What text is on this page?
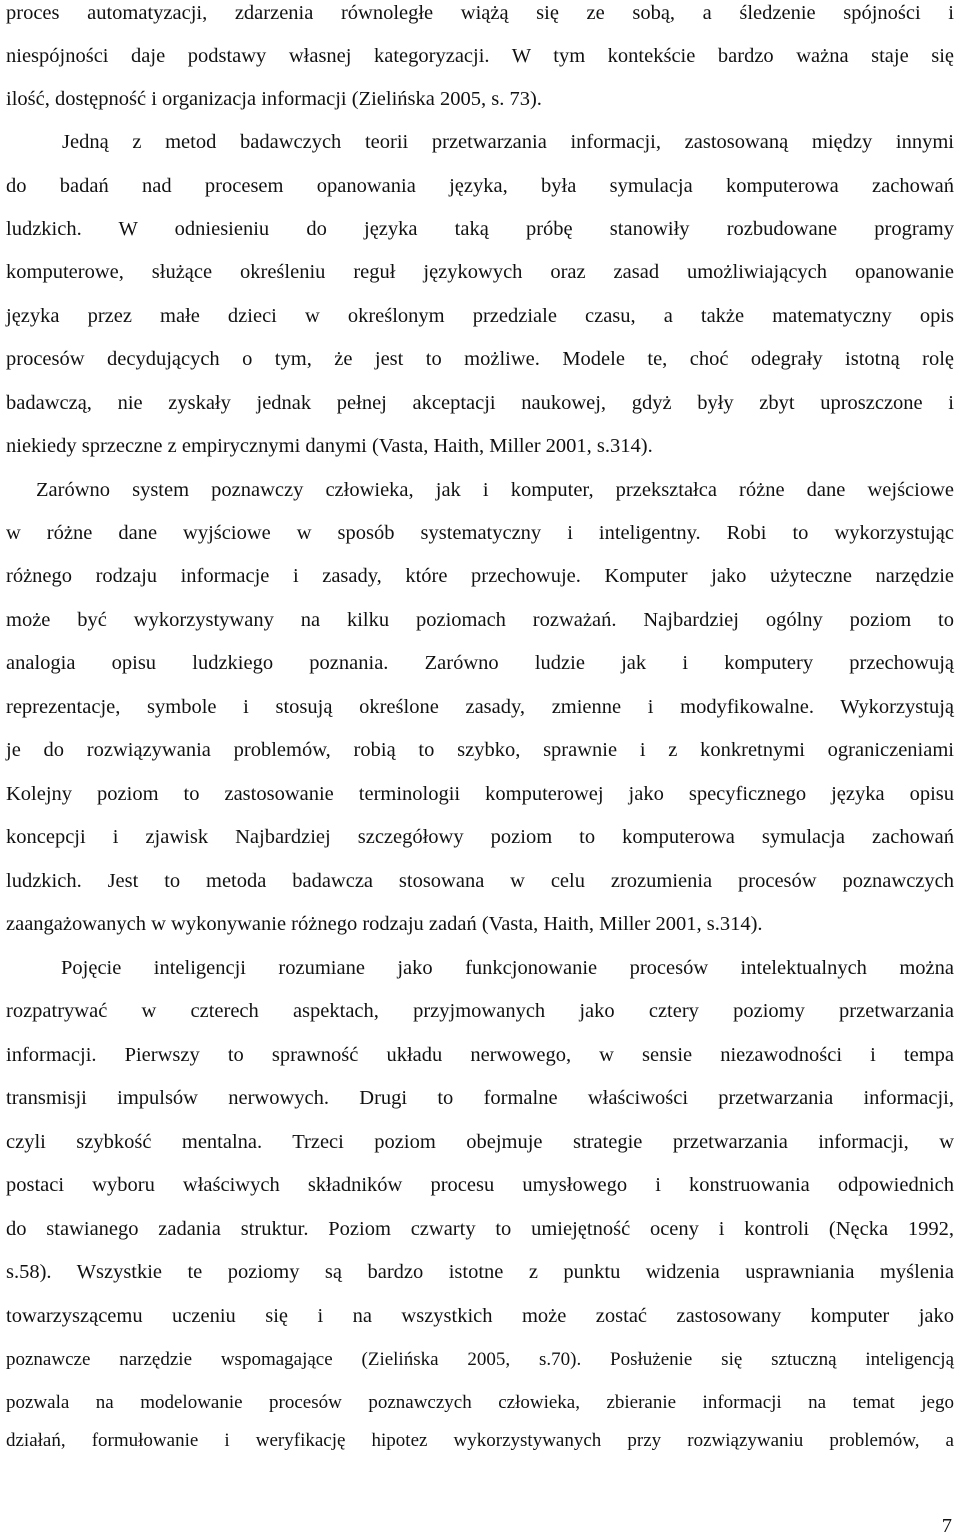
proces automatyzacji, zdarzenia równoległe wiążą się ze sobą, a śledzenie spójności i
niespójności daje podstawy własnej kategoryzacji. W tym kontekście bardzo ważna staje się
ilość, dostępność i organizacja informacji (Zielińska 2005, s. 73).
Jedną z metod badawczych teorii przetwarzania informacji, zastosowaną między innymi
do badań nad procesem opanowania języka, była symulacja komputerowa zachowań
ludzkich. W odniesieniu do języka taką próbę stanowiły rozbudowane programy
komputerowe, służące określeniu reguł językowych oraz zasad umożliwiających opanowanie
języka przez małe dzieci w określonym przedziale czasu, a także matematyczny opis
procesów decydujących o tym, że jest to możliwe. Modele te, choć odegrały istotną rolę
badawczą, nie zyskały jednak pełnej akceptacji naukowej, gdyż były zbyt uproszczone i
niekiedy sprzeczne z empirycznymi danymi (Vasta, Haith, Miller 2001, s.314).
Zarówno system poznawczy człowieka, jak i komputer, przekształca różne dane wejściowe
w różne dane wyjściowe w sposób systematyczny i inteligentny. Robi to wykorzystując
różnego rodzaju informacje i zasady, które przechowuje. Komputer jako użyteczne narzędzie
może być wykorzystywany na kilku poziomach rozważań. Najbardziej ogólny poziom to
analogia opisu ludzkiego poznania. Zarówno ludzie jak i komputery przechowują
reprezentacje, symbole i stosują określone zasady, zmienne i modyfikowalne. Wykorzystują
je do rozwiązywania problemów, robią to szybko, sprawnie i z konkretnymi ograniczeniami
Kolejny poziom to zastosowanie terminologii komputerowej jako specyficznego języka opisu
koncepcji i zjawisk Najbardziej szczegółowy poziom to komputerowa symulacja zachowań
ludzkich. Jest to metoda badawcza stosowana w celu zrozumienia procesów poznawczych
zaangażowanych w wykonywanie różnego rodzaju zadań (Vasta, Haith, Miller 2001, s.314).
Pojęcie inteligencji rozumiane jako funkcjonowanie procesów intelektualnych można
rozpatrywać w czterech aspektach, przyjmowanych jako cztery poziomy przetwarzania
informacji. Pierwszy to sprawność układu nerwowego, w sensie niezawodności i tempa
transmisji impulsów nerwowych. Drugi to formalne właściwości przetwarzania informacji,
czyli szybkość mentalna. Trzeci poziom obejmuje strategie przetwarzania informacji, w
postaci wyboru właściwych składników procesu umysłowego i konstruowania odpowiednich
do stawianego zadania struktur. Poziom czwarty to umiejętność oceny i kontroli (Nęcka 1992,
s.58). Wszystkie te poziomy są bardzo istotne z punktu widzenia usprawniania myślenia
towarzyszącemu uczeniu się i na wszystkich może zostać zastosowany komputer jako
poznawcze narzędzie wspomagające (Zielińska 2005, s.70). Posłużenie się sztuczną inteligencją
pozwala na modelowanie procesów poznawczych człowieka, zbieranie informacji na temat jego
działań, formułowanie i weryfikację hipotez wykorzystywanych przy rozwiązywaniu problemów, a
7
